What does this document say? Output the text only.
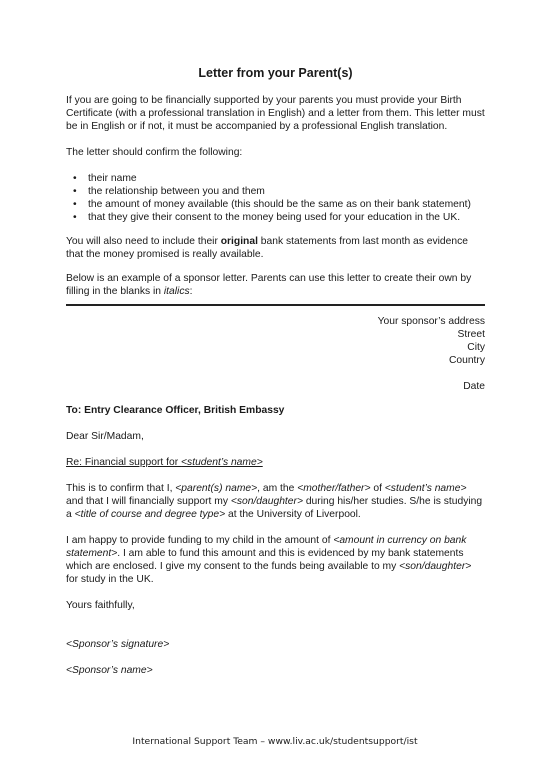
Letter from your Parent(s)

If you are going to be financially supported by your parents you must provide your Birth Certificate (with a professional translation in English) and a letter from them. This letter must be in English or if not, it must be accompanied by a professional English translation.

The letter should confirm the following:

• their name
• the relationship between you and them
• the amount of money available (this should be the same as on their bank statement)
• that they give their consent to the money being used for your education in the UK.

You will also need to include their original bank statements from last month as evidence that the money promised is really available.

Below is an example of a sponsor letter. Parents can use this letter to create their own by filling in the blanks in italics:

Your sponsor’s address
Street
City
Country
Date

To: Entry Clearance Officer, British Embassy

Dear Sir/Madam,

Re: Financial support for <student’s name>

This is to confirm that I, <parent(s) name>, am the <mother/father> of <student’s name> and that I will financially support my <son/daughter> during his/her studies. S/he is studying a <title of course and degree type> at the University of Liverpool.

I am happy to provide funding to my child in the amount of <amount in currency on bank statement>. I am able to fund this amount and this is evidenced by my bank statements which are enclosed. I give my consent to the funds being available to my <son/daughter> for study in the UK.

Yours faithfully,

<Sponsor’s signature>

<Sponsor’s name>

International Support Team – www.liv.ac.uk/studentsupport/ist
